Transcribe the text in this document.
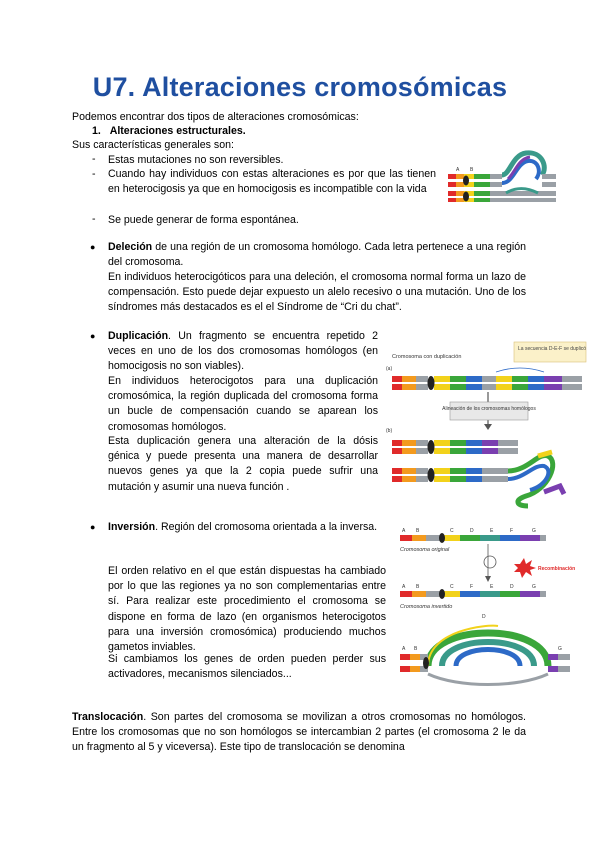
U7. Alteraciones cromosómicas
Podemos encontrar dos tipos de alteraciones cromosómicas:
1. Alteraciones estructurales.
Sus características generales son:
- Estas mutaciones no son reversibles.
- Cuando hay individuos con estas alteraciones es por que las tienen en heterocigosis ya que en homocigosis es incompatible con la vida
- Se puede generar de forma espontánea.
A B	C
● Deleción de una región de un cromosoma homólogo. Cada letra pertenece a una región del cromosoma.
En individuos heterocigóticos para una deleción, el cromosoma normal forma un lazo de compensación. Esto puede dejar expuesto un alelo recesivo o una mutación. Uno de los síndromes más destacados es el el Síndrome de “Cri du chat”.
● Duplicación. Un fragmento se encuentra repetido 2 veces en uno de los dos cromosomas homólogos (en homocigosis no son viables).
En individuos heterocigotos para una duplicación cromosómica, la región duplicada del cromosoma forma un bucle de compensación cuando se aparean los cromosomas homólogos.
Esta duplicación genera una alteración de la dósis génica y puede presenta una manera de desarrollar nuevos genes ya que la 2 copia puede sufrir una mutación y asumir una nueva función .
La secuencia D-E-F se duplicó
Cromosoma con duplicación
(a)
Alineación de los cromosomas homólogos
(b)
● Inversión. Región del cromosoma orientada a la inversa.
El orden relativo en el que están dispuestas ha cambiado por lo que las regiones ya no son complementarias entre sí. Para realizar este procedimiento el cromosoma se dispone en forma de lazo (en organismos heterocigotos para una inversión cromosómica) produciendo muchos gametos inviables.
Si cambiamos los genes de orden pueden perder sus activadores, mecanismos silenciados...
A B	C	D	E	F	G
Cromosoma original
Recombinación
A B	C	F	E	D	G
Cromosoma invertido
D
A B	G
Translocación. Son partes del cromosoma se movilizan a otros cromosomas no homólogos. Entre los cromosomas que no son homólogos se intercambian 2 partes (el cromosoma 2 le da un fragmento al 5 y viceversa). Este tipo de translocación se denomina
